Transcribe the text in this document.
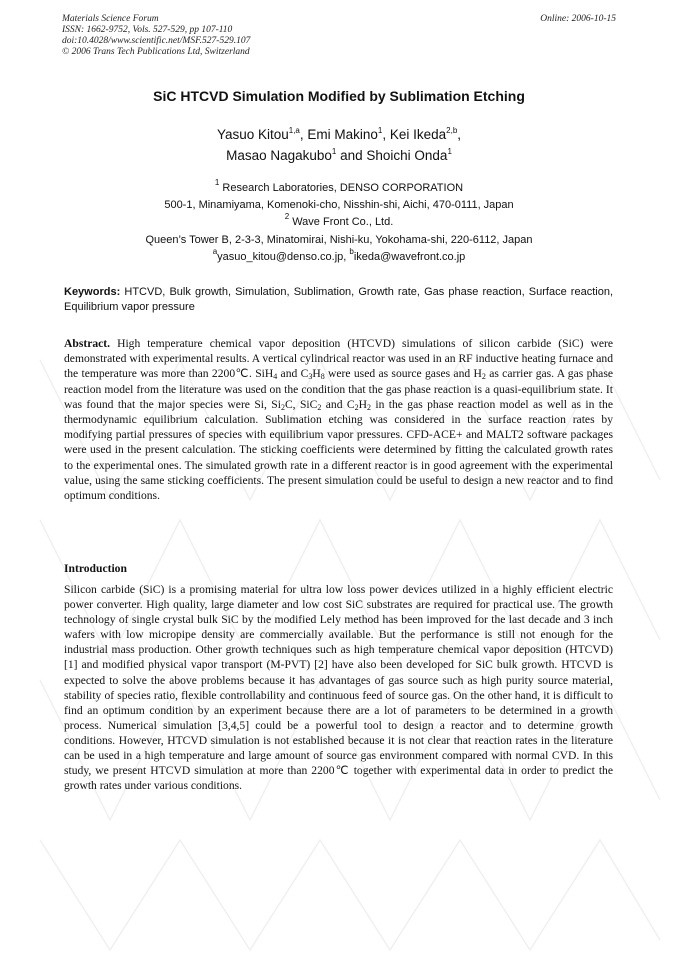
Materials Science Forum
ISSN: 1662-9752, Vols. 527-529, pp 107-110
doi:10.4028/www.scientific.net/MSF.527-529.107
© 2006 Trans Tech Publications Ltd, Switzerland
Online: 2006-10-15
SiC HTCVD Simulation Modified by Sublimation Etching
Yasuo Kitou$^{1,a}$, Emi Makino$^1$, Kei Ikeda$^{2,b}$,
Masao Nagakubo$^1$ and Shoichi Onda$^1$
$^1$ Research Laboratories, DENSO CORPORATION
500-1, Minamiyama, Komenoki-cho, Nisshin-shi, Aichi, 470-0111, Japan
$^2$ Wave Front Co., Ltd.
Queen’s Tower B, 2-3-3, Minatomirai, Nishi-ku, Yokohama-shi, 220-6112, Japan
$^a$yasuo_kitou@denso.co.jp, $^b$ikeda@wavefront.co.jp
Keywords: HTCVD, Bulk growth, Simulation, Sublimation, Growth rate, Gas phase reaction, Surface reaction, Equilibrium vapor pressure
Abstract. High temperature chemical vapor deposition (HTCVD) simulations of silicon carbide (SiC) were demonstrated with experimental results. A vertical cylindrical reactor was used in an RF inductive heating furnace and the temperature was more than 2200℃. SiH$_4$ and $C_3H_8$ were used as source gases and $H_2$ as carrier gas. A gas phase reaction model from the literature was used on the condition that the gas phase reaction is a quasi-equilibrium state. It was found that the major species were Si, $Si_2C$, SiC$_2$ and $C_2H_2$ in the gas phase reaction model as well as in the thermodynamic equilibrium calculation. Sublimation etching was considered in the surface reaction rates by modifying partial pressures of species with equilibrium vapor pressures. CFD-ACE+ and MALT2 software packages were used in the present calculation. The sticking coefficients were determined by fitting the calculated growth rates to the experimental ones. The simulated growth rate in a different reactor is in good agreement with the experimental value, using the same sticking coefficients. The present simulation could be useful to design a new reactor and to find optimum conditions.
Introduction
Silicon carbide (SiC) is a promising material for ultra low loss power devices utilized in a highly efficient electric power converter. High quality, large diameter and low cost SiC substrates are required for practical use. The growth technology of single crystal bulk SiC by the modified Lely method has been improved for the last decade and 3 inch wafers with low micropipe density are commercially available. But the performance is still not enough for the industrial mass production. Other growth techniques such as high temperature chemical vapor deposition (HTCVD) [1] and modified physical vapor transport (M-PVT) [2] have also been developed for SiC bulk growth. HTCVD is expected to solve the above problems because it has advantages of gas source such as high purity source material, stability of species ratio, flexible controllability and continuous feed of source gas. On the other hand, it is difficult to find an optimum condition by an experiment because there are a lot of parameters to be determined in a growth process. Numerical simulation [3,4,5] could be a powerful tool to design a reactor and to determine growth conditions. However, HTCVD simulation is not established because it is not clear that reaction rates in the literature can be used in a high temperature and large amount of source gas environment compared with normal CVD. In this study, we present HTCVD simulation at more than 2200℃ together with experimental data in order to predict the growth rates under various conditions.
